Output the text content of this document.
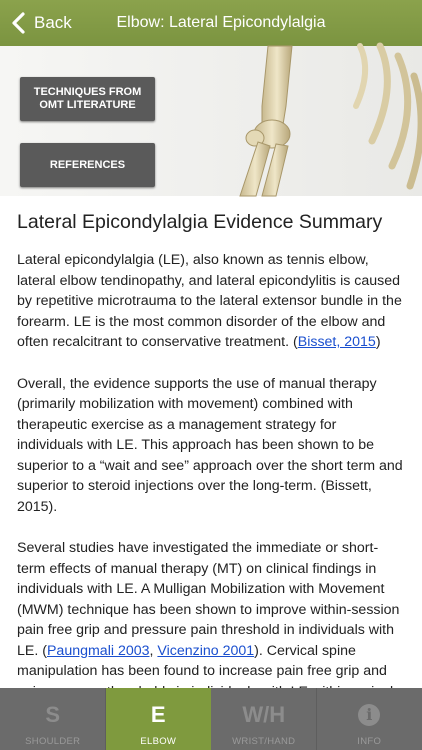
Back	Elbow: Lateral Epicondylalgia
TECHNIQUES FROM OMT LITERATURE
REFERENCES
Lateral Epicondylalgia Evidence Summary

Lateral epicondylalgia (LE), also known as tennis elbow, lateral elbow tendinopathy, and lateral epicondylitis is caused by repetitive microtrauma to the lateral extensor bundle in the forearm. LE is the most common disorder of the elbow and often recalcitrant to conservative treatment. (Bisset, 2015)

Overall, the evidence supports the use of manual therapy (primarily mobilization with movement) combined with therapeutic exercise as a management strategy for individuals with LE. This approach has been shown to be superior to a “wait and see” approach over the short term and superior to steroid injections over the long-term. (Bissett, 2015).

Several studies have investigated the immediate or short-term effects of manual therapy (MT) on clinical findings in individuals with LE. A Mulligan Mobilization with Movement (MWM) technique has been shown to improve within-session pain free grip and pressure pain threshold in individuals with LE. (Paungmali 2003, Vicenzino 2001). Cervical spine manipulation has been found to increase pain free grip and

S
SHOULDER
E
ELBOW
W/H
WRIST/HAND
i
INFO
